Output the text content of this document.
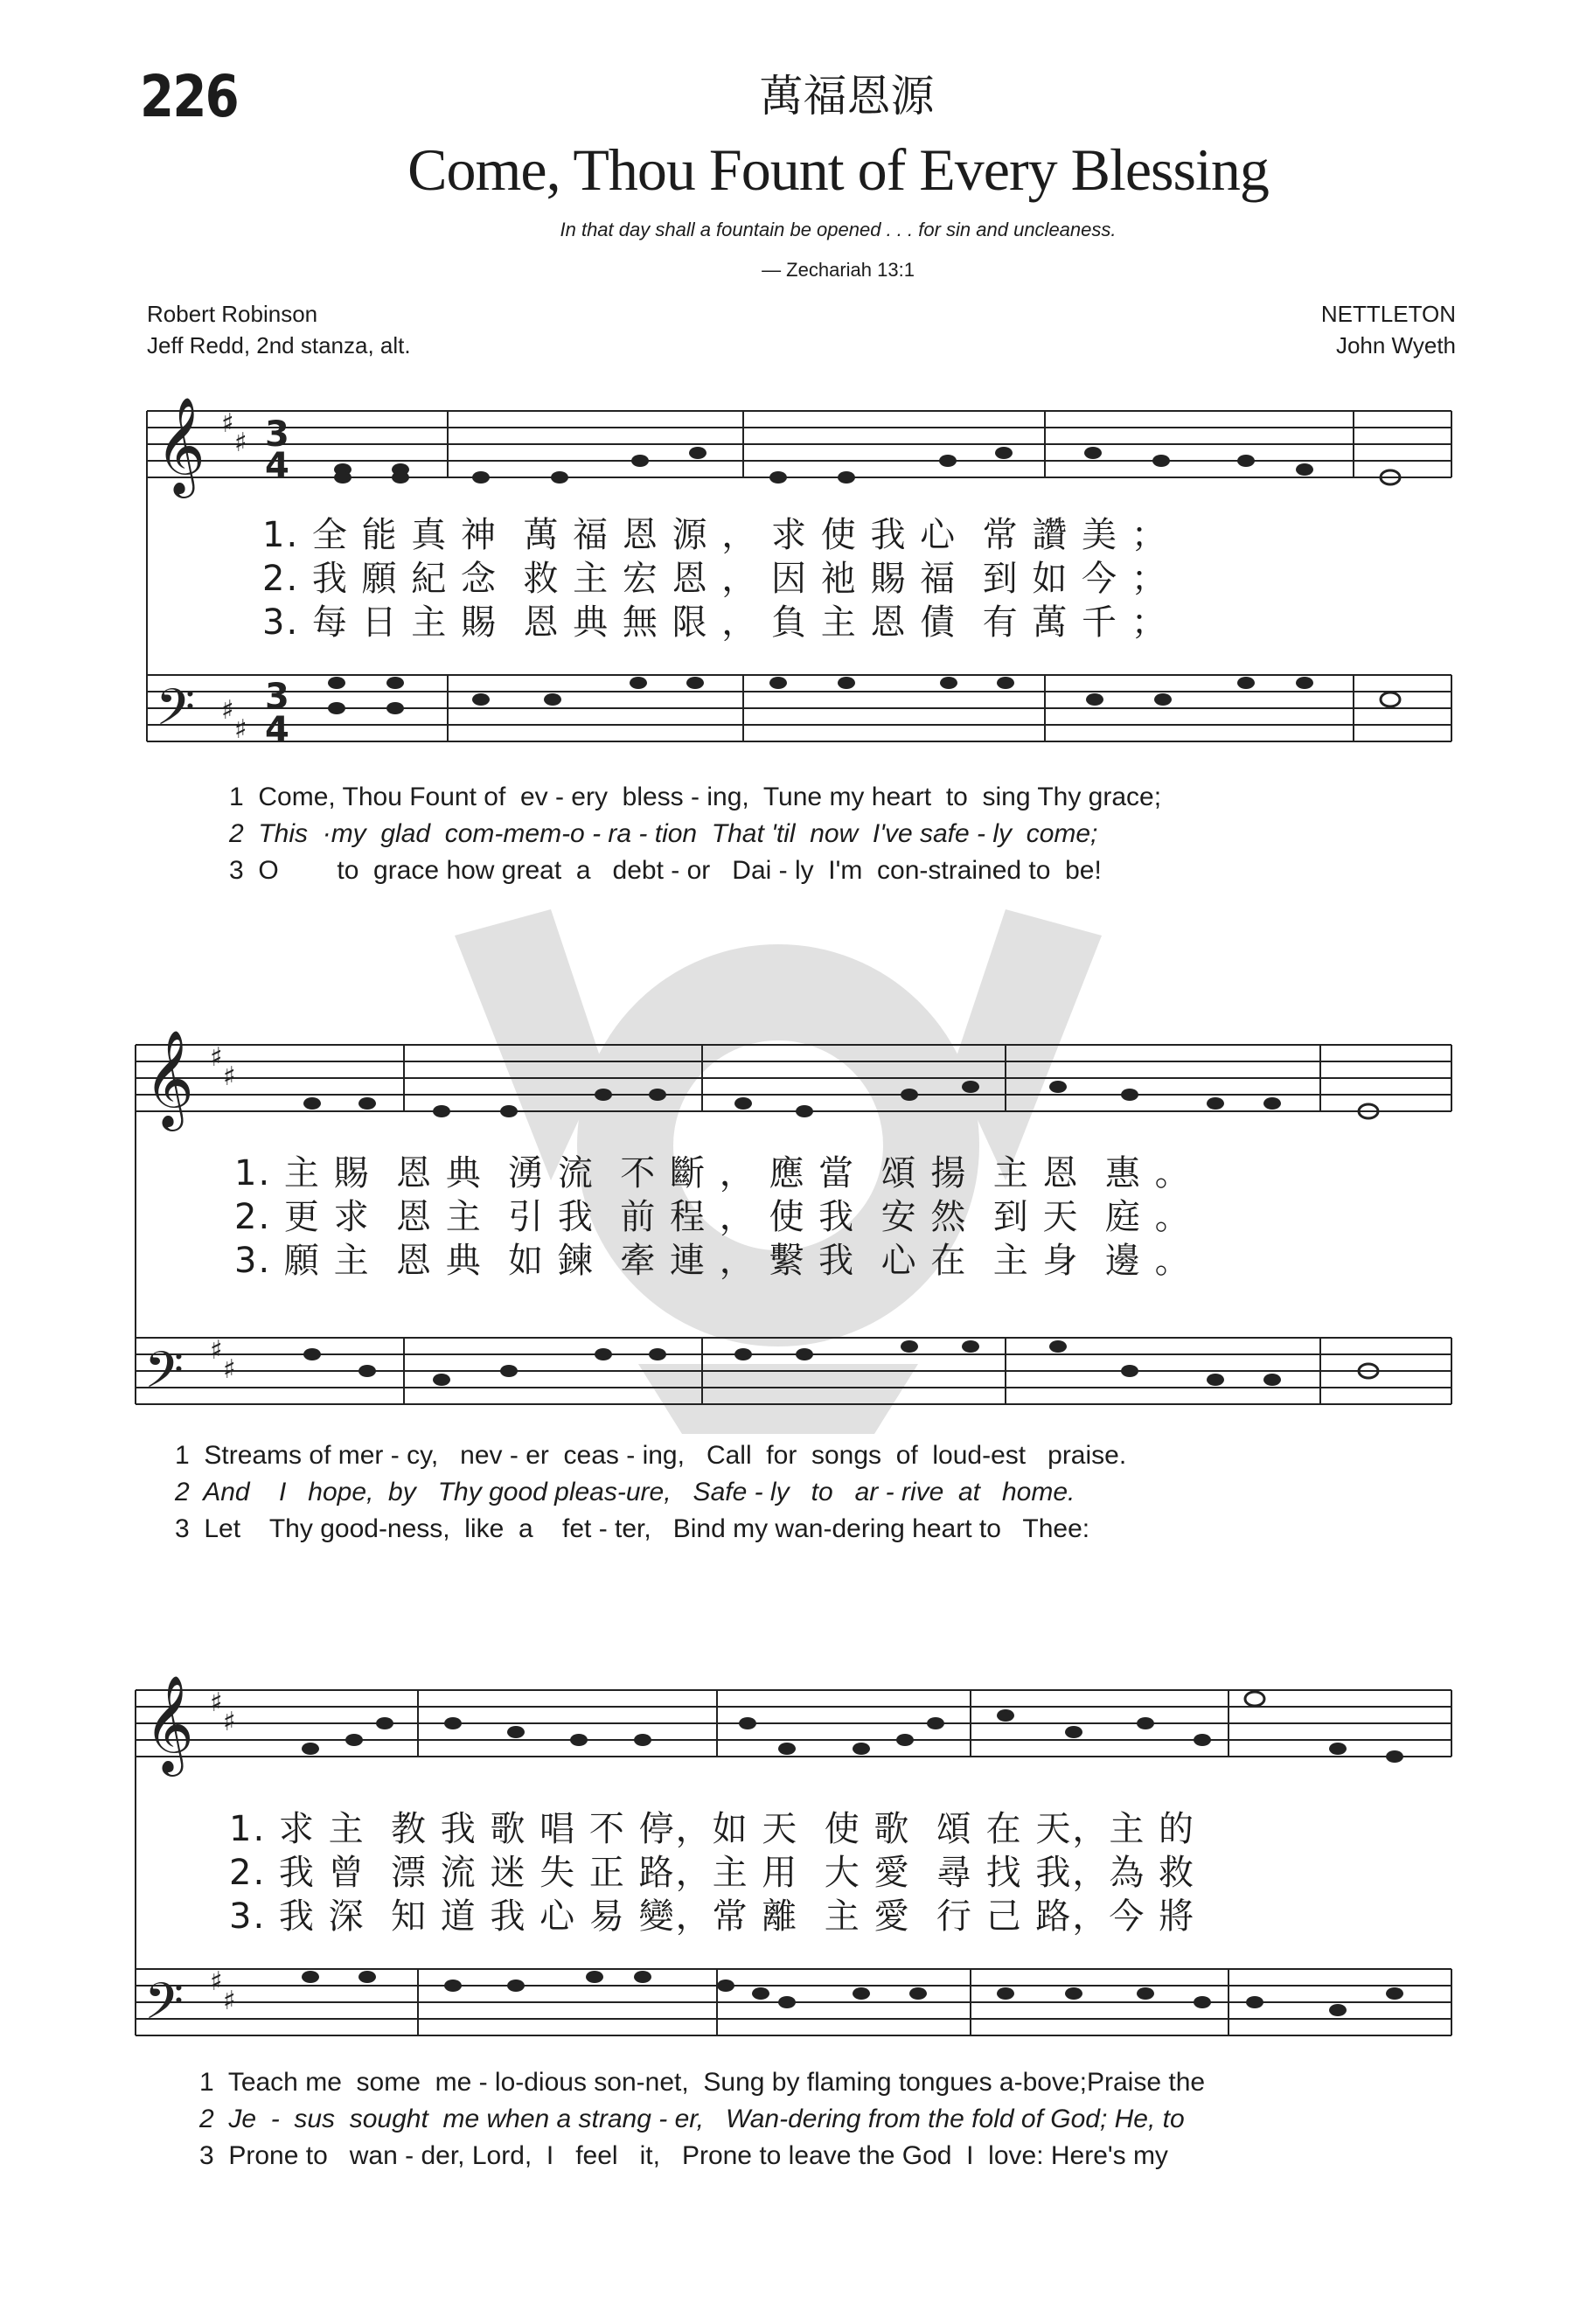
226	萬福恩源
Come, Thou Fount of Every Blessing
In that day shall a fountain be opened . . . for sin and uncleaness.
— Zechariah 13:1
Robert Robinson
Jeff Redd, 2nd stanza, alt.
NETTLETON
John Wyeth
𝄞
𝄢
♯
♯
♯
♯
3
4
3
4
𝄞
𝄢
♯
♯
♯
♯
𝄞
𝄢
♯
♯
♯
♯
1. 全 能 真 神  萬 福 恩 源 ， 求 使 我 心  常 讚 美 ；
2. 我 願 紀 念  救 主 宏 恩 ， 因 祂 賜 福  到 如 今 ；
3. 每 日 主 賜  恩 典 無 限 ， 負 主 恩 債  有 萬 千 ；
1  Come, Thou Fount of  ev - ery  bless - ing,  Tune my heart  to  sing Thy grace;
2  This  ·my  glad  com-mem-o - ra - tion  That 'til  now  I've safe - ly  come;
3  O        to  grace how great  a   debt - or   Dai - ly  I'm  con-strained to  be!
1. 主 賜  恩 典  湧 流  不 斷 ， 應 當  頌 揚  主 恩  惠 。
2. 更 求  恩 主  引 我  前 程 ， 使 我  安 然  到 天  庭 。
3. 願 主  恩 典  如 鍊  牽 連 ， 繫 我  心 在  主 身  邊 。
1  Streams of mer - cy,   nev - er  ceas - ing,   Call  for  songs  of  loud-est   praise.
2  And    I   hope,  by   Thy good pleas-ure,   Safe - ly   to   ar - rive  at   home.
3  Let    Thy good-ness,  like  a    fet - ter,   Bind my wan-dering heart to   Thee:
1. 求 主  教 我 歌 唱 不 停，如 天  使 歌  頌 在 天，主 的
2. 我 曾  漂 流 迷 失 正 路，主 用  大 愛  尋 找 我，為 救
3. 我 深  知 道 我 心 易 變，常 離  主 愛  行 己 路，今 將
1  Teach me  some  me - lo-dious son-net,  Sung by flaming tongues a-bove;Praise the
2  Je  -  sus  sought  me when a strang - er,   Wan-dering from the fold of God; He, to
3  Prone to   wan - der, Lord,  I   feel   it,   Prone to leave the God  I  love: Here's my
